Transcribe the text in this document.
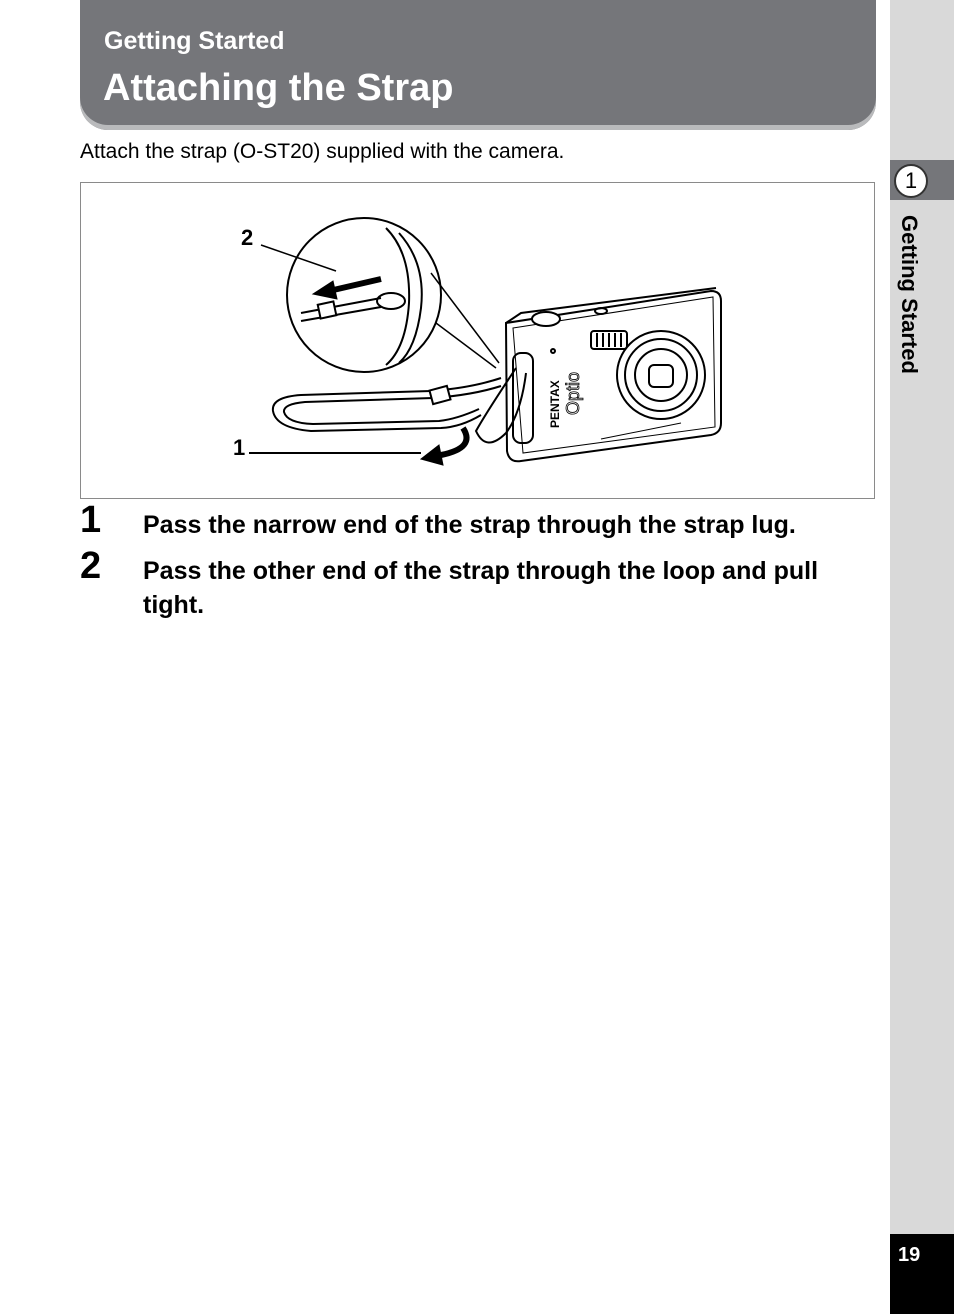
Getting Started
Attaching the Strap
Attach the strap (O-ST20) supplied with the camera.
PENTAX Optio
2
1
1 Pass the narrow end of the strap through the strap lug.
2 Pass the other end of the strap through the loop and pull tight.
1
Getting Started
19
